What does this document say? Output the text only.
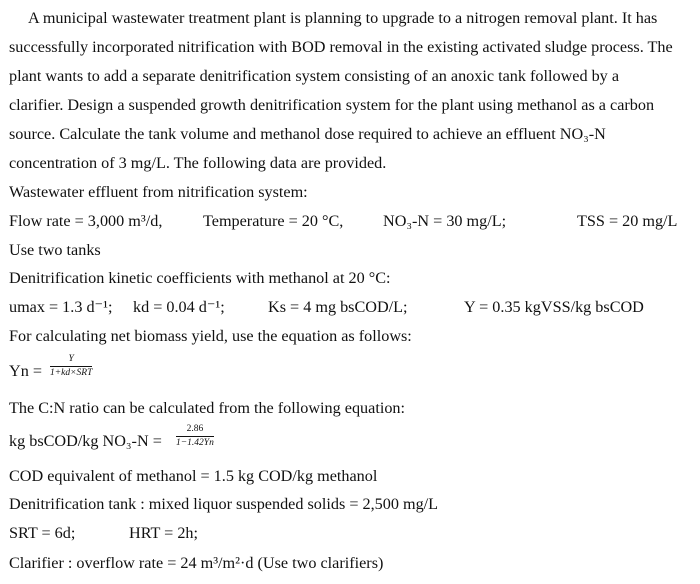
A municipal wastewater treatment plant is planning to upgrade to a nitrogen removal plant. It has
successfully incorporated nitrification with BOD removal in the existing activated sludge process. The
plant wants to add a separate denitrification system consisting of an anoxic tank followed by a
clarifier. Design a suspended growth denitrification system for the plant using methanol as a carbon
source. Calculate the tank volume and methanol dose required to achieve an effluent NO₃-N
concentration of 3 mg/L. The following data are provided.
Wastewater effluent from nitrification system:
Flow rate = 3,000 m³/d,	Temperature = 20 °C, NO₃-N = 30 mg/L;	TSS = 20 mg/L
Use two tanks
Denitrification kinetic coefficients with methanol at 20 °C:
umax = 1.3 d⁻¹; kd = 0.04 d⁻¹;	Ks = 4 mg bsCOD/L;	Y = 0.35 kgVSS/kg bsCOD
For calculating net biomass yield, use the equation as follows:
Yn =
Y
1+kd×SRT
The C:N ratio can be calculated from the following equation:
kg bsCOD/kg NO₃-N =
2.86
1−1.42Yn
COD equivalent of methanol = 1.5 kg COD/kg methanol
Denitrification tank : mixed liquor suspended solids = 2,500 mg/L
SRT = 6d;	HRT = 2h;
Clarifier : overflow rate = 24 m³/m²·d (Use two clarifiers)
